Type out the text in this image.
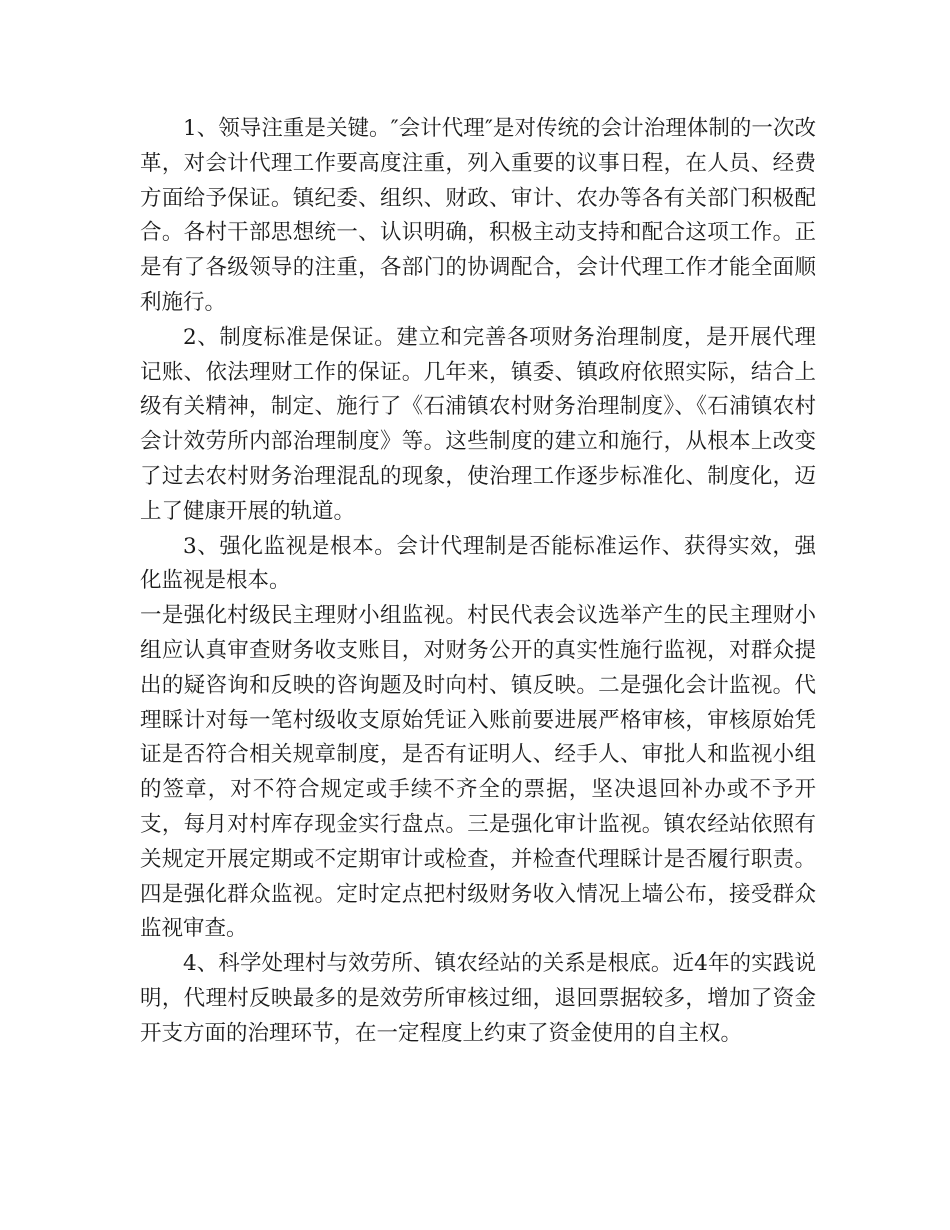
1、领导注重是关键。″会计代理″是对传统的会计治理体制的一次改革，对会计代理工作要高度注重，列入重要的议事日程，在人员、经费方面给予保证。镇纪委、组织、财政、审计、农办等各有关部门积极配合。各村干部思想统一、认识明确，积极主动支持和配合这项工作。正是有了各级领导的注重，各部门的协调配合，会计代理工作才能全面顺利施行。

2、制度标准是保证。建立和完善各项财务治理制度，是开展代理记账、依法理财工作的保证。几年来，镇委、镇政府依照实际，结合上级有关精神，制定、施行了《石浦镇农村财务治理制度》、《石浦镇农村会计效劳所内部治理制度》等。这些制度的建立和施行，从根本上改变了过去农村财务治理混乱的现象，使治理工作逐步标准化、制度化，迈上了健康开展的轨道。

3、强化监视是根本。会计代理制是否能标准运作、获得实效，强化监视是根本。

一是强化村级民主理财小组监视。村民代表会议选举产生的民主理财小组应认真审查财务收支账目，对财务公开的真实性施行监视，对群众提出的疑咨询和反映的咨询题及时向村、镇反映。二是强化会计监视。代理睬计对每一笔村级收支原始凭证入账前要进展严格审核，审核原始凭证是否符合相关规章制度，是否有证明人、经手人、审批人和监视小组的签章，对不符合规定或手续不齐全的票据，坚决退回补办或不予开支，每月对村库存现金实行盘点。三是强化审计监视。镇农经站依照有关规定开展定期或不定期审计或检查，并检查代理睬计是否履行职责。四是强化群众监视。定时定点把村级财务收入情况上墙公布，接受群众监视审查。

4、科学处理村与效劳所、镇农经站的关系是根底。近4年的实践说明，代理村反映最多的是效劳所审核过细，退回票据较多，增加了资金开支方面的治理环节，在一定程度上约束了资金使用的自主权。
